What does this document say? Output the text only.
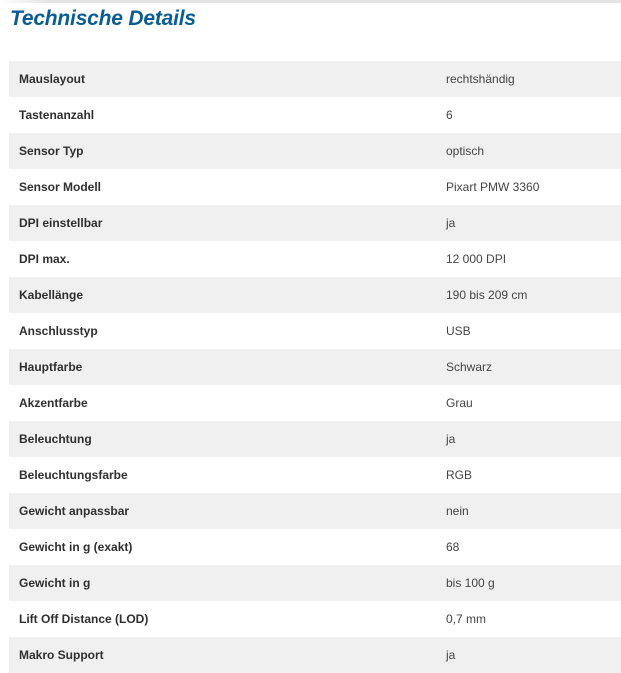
Technische Details
Mauslayout	rechtshändig
Tastenanzahl	6
Sensor Typ	optisch
Sensor Modell	Pixart PMW 3360
DPI einstellbar	ja
DPI max.	12 000 DPI
Kabellänge	190 bis 209 cm
Anschlusstyp	USB
Hauptfarbe	Schwarz
Akzentfarbe	Grau
Beleuchtung	ja
Beleuchtungsfarbe	RGB
Gewicht anpassbar	nein
Gewicht in g (exakt)	68
Gewicht in g	bis 100 g
Lift Off Distance (LOD)	0,7 mm
Makro Support	ja
